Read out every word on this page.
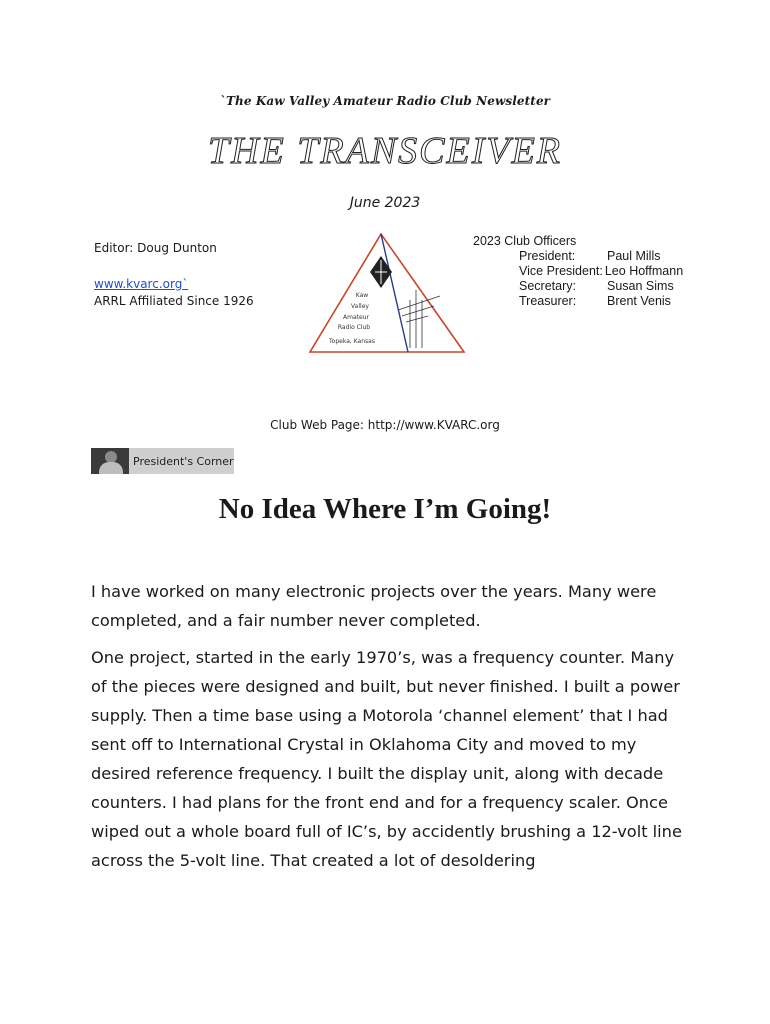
`The Kaw Valley Amateur Radio Club Newsletter
THE TRANSCEIVER
June 2023
Editor: Doug Dunton
www.kvarc.org`
ARRL Affiliated Since 1926	Kaw
Valley
Amateur
Radio Club
Topeka, Kansas
2023 Club Officers
President:	Paul Mills
Vice President: Leo Hoffmann
Secretary:	Susan Sims
Treasurer:	Brent Venis
Club Web Page: http://www.KVARC.org
President's Corner
No Idea Where I’m Going!

I have worked on many electronic projects over the years. Many were completed, and a fair number never completed.

One project, started in the early 1970’s, was a frequency counter. Many of the pieces were designed and built, but never finished. I built a power supply. Then a time base using a Motorola ‘channel element’ that I had sent off to International Crystal in Oklahoma City and moved to my desired reference frequency. I built the display unit, along with decade counters. I had plans for the front end and for a frequency scaler. Once wiped out a whole board full of IC’s, by accidently brushing a 12-volt line across the 5-volt line. That created a lot of desoldering
